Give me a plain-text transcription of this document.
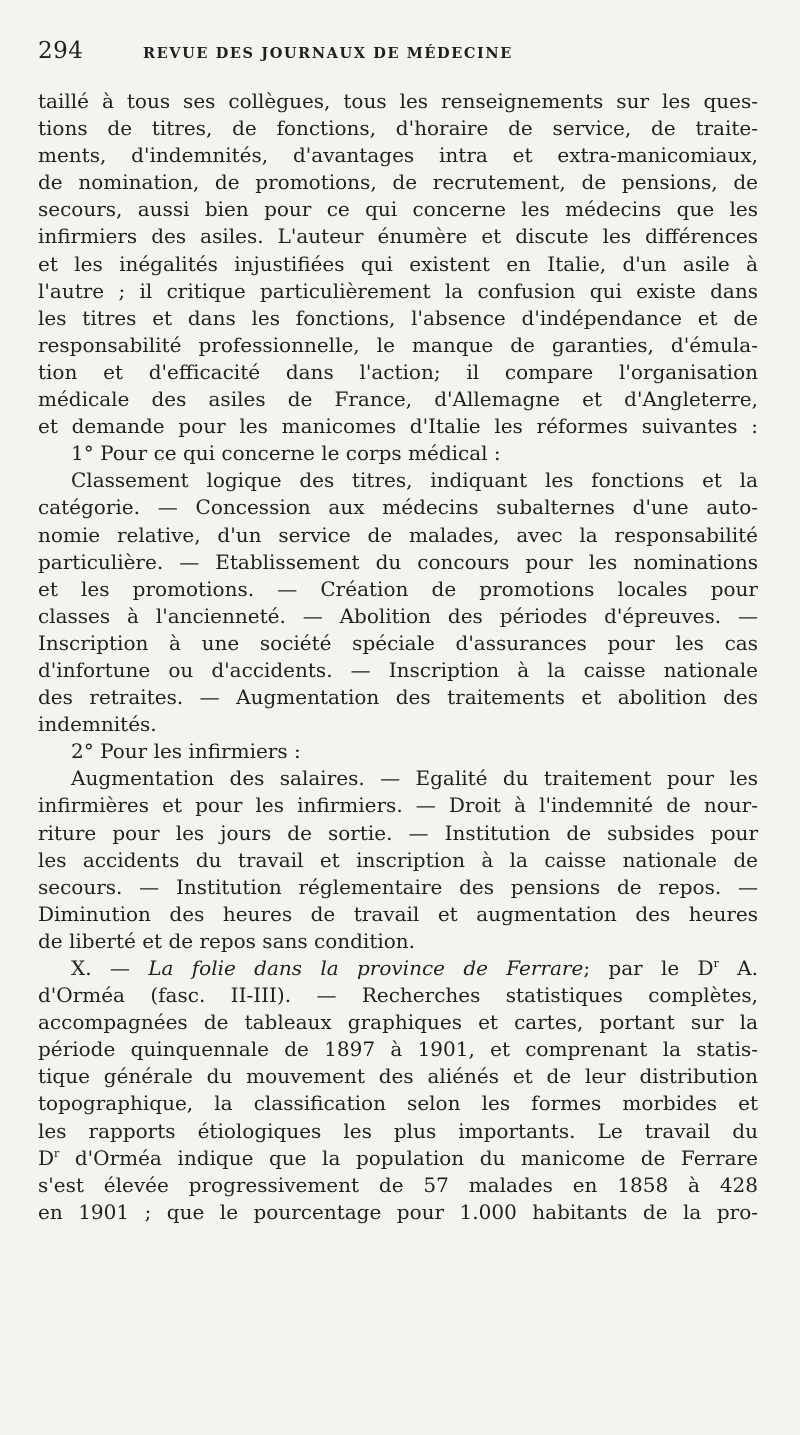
294	REVUE DES JOURNAUX DE MÉDECINE
taillé à tous ses collègues, tous les renseignements sur les ques-
tions de titres, de fonctions, d'horaire de service, de traite-
ments, d'indemnités, d'avantages intra et extra-manicomiaux,
de nomination, de promotions, de recrutement, de pensions, de
secours, aussi bien pour ce qui concerne les médecins que les
infirmiers des asiles. L'auteur énumère et discute les différences
et les inégalités injustifiées qui existent en Italie, d'un asile à
l'autre ; il critique particulièrement la confusion qui existe dans
les titres et dans les fonctions, l'absence d'indépendance et de
responsabilité professionnelle, le manque de garanties, d'émula-
tion et d'efficacité dans l'action; il compare l'organisation
médicale des asiles de France, d'Allemagne et d'Angleterre,
et demande pour les manicomes d'Italie les réformes suivantes :
1° Pour ce qui concerne le corps médical :
Classement logique des titres, indiquant les fonctions et la
catégorie. — Concession aux médecins subalternes d'une auto-
nomie relative, d'un service de malades, avec la responsabilité
particulière. — Etablissement du concours pour les nominations
et les promotions. — Création de promotions locales pour
classes à l'ancienneté. — Abolition des périodes d'épreuves. —
Inscription à une société spéciale d'assurances pour les cas
d'infortune ou d'accidents. — Inscription à la caisse nationale
des retraites. — Augmentation des traitements et abolition des
indemnités.
2° Pour les infirmiers :
Augmentation des salaires. — Egalité du traitement pour les
infirmières et pour les infirmiers. — Droit à l'indemnité de nour-
riture pour les jours de sortie. — Institution de subsides pour
les accidents du travail et inscription à la caisse nationale de
secours. — Institution réglementaire des pensions de repos. —
Diminution des heures de travail et augmentation des heures
de liberté et de repos sans condition.
X. — La folie dans la province de Ferrare; par le $D^r$ A.
d'Orméa (fasc. II-III). — Recherches statistiques complètes,
accompagnées de tableaux graphiques et cartes, portant sur la
période quinquennale de 1897 à 1901, et comprenant la statis-
tique générale du mouvement des aliénés et de leur distribution
topographique, la classification selon les formes morbides et
les rapports étiologiques les plus importants. Le travail du
$D^r$ d'Orméa indique que la population du manicome de Ferrare
s'est élevée progressivement de 57 malades en 1858 à 428
en 1901 ; que le pourcentage pour 1.000 habitants de la pro-
